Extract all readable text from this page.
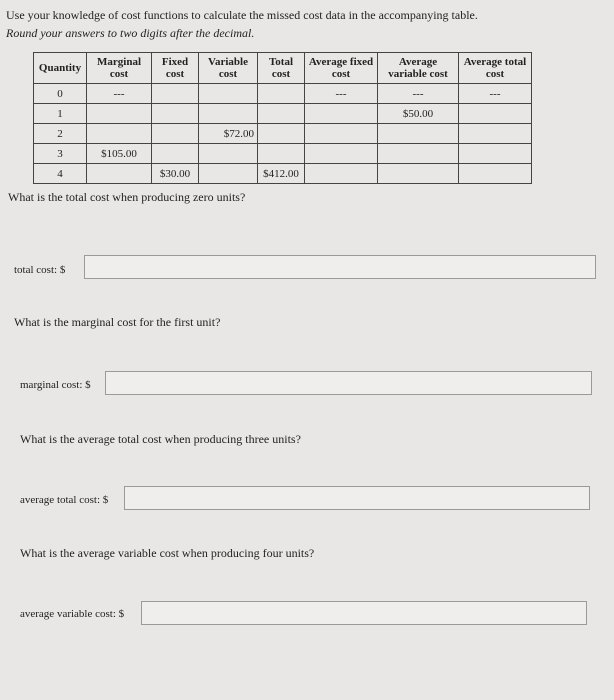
Use your knowledge of cost functions to calculate the missed cost data in the accompanying table.
Round your answers to two digits after the decimal.
Quantity	Marginal cost	Fixed cost	Variable cost	Total cost	Average fixed cost	Average variable cost	Average total cost
0	---				---	---	---
1						$50.00	
2			$72.00				
3	$105.00						
4		$30.00		$412.00			
What is the total cost when producing zero units?
total cost: $
What is the marginal cost for the first unit?
marginal cost: $
What is the average total cost when producing three units?
average total cost: $
What is the average variable cost when producing four units?
average variable cost: $
